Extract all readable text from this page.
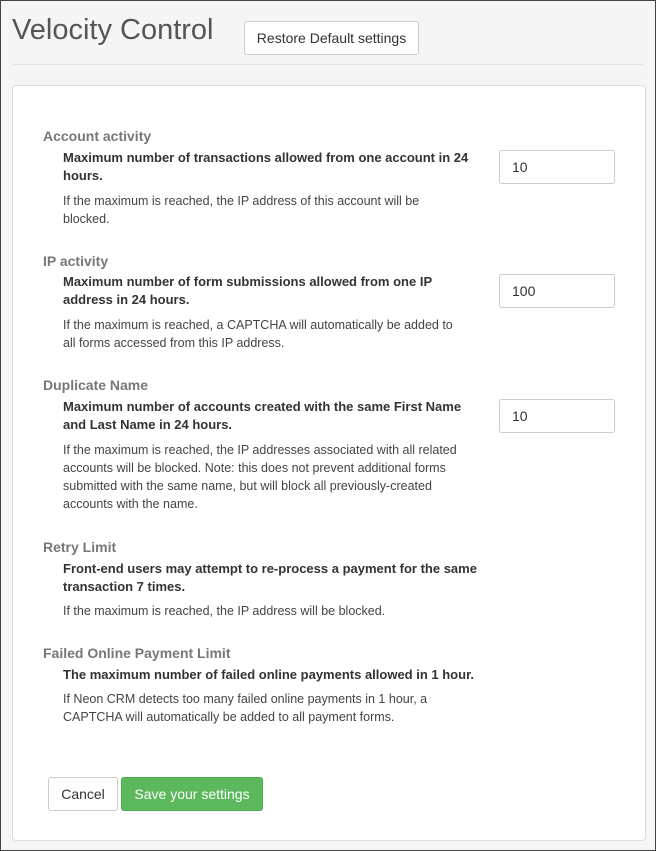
Velocity Control	Restore Default settings
Account activity

Maximum number of transactions allowed from one account in 24
hours.

If the maximum is reached, the IP address of this account will be
blocked.

10
IP activity

Maximum number of form submissions allowed from one IP
address in 24 hours.

If the maximum is reached, a CAPTCHA will automatically be added to
all forms accessed from this IP address.

100
Duplicate Name

Maximum number of accounts created with the same First Name
and Last Name in 24 hours.

If the maximum is reached, the IP addresses associated with all related
accounts will be blocked. Note: this does not prevent additional forms
submitted with the same name, but will block all previously-created
accounts with the name.

10
Retry Limit

Front-end users may attempt to re-process a payment for the same
transaction 7 times.

If the maximum is reached, the IP address will be blocked.

Failed Online Payment Limit

The maximum number of failed online payments allowed in 1 hour.

If Neon CRM detects too many failed online payments in 1 hour, a
CAPTCHA will automatically be added to all payment forms.

Cancel	Save your settings
